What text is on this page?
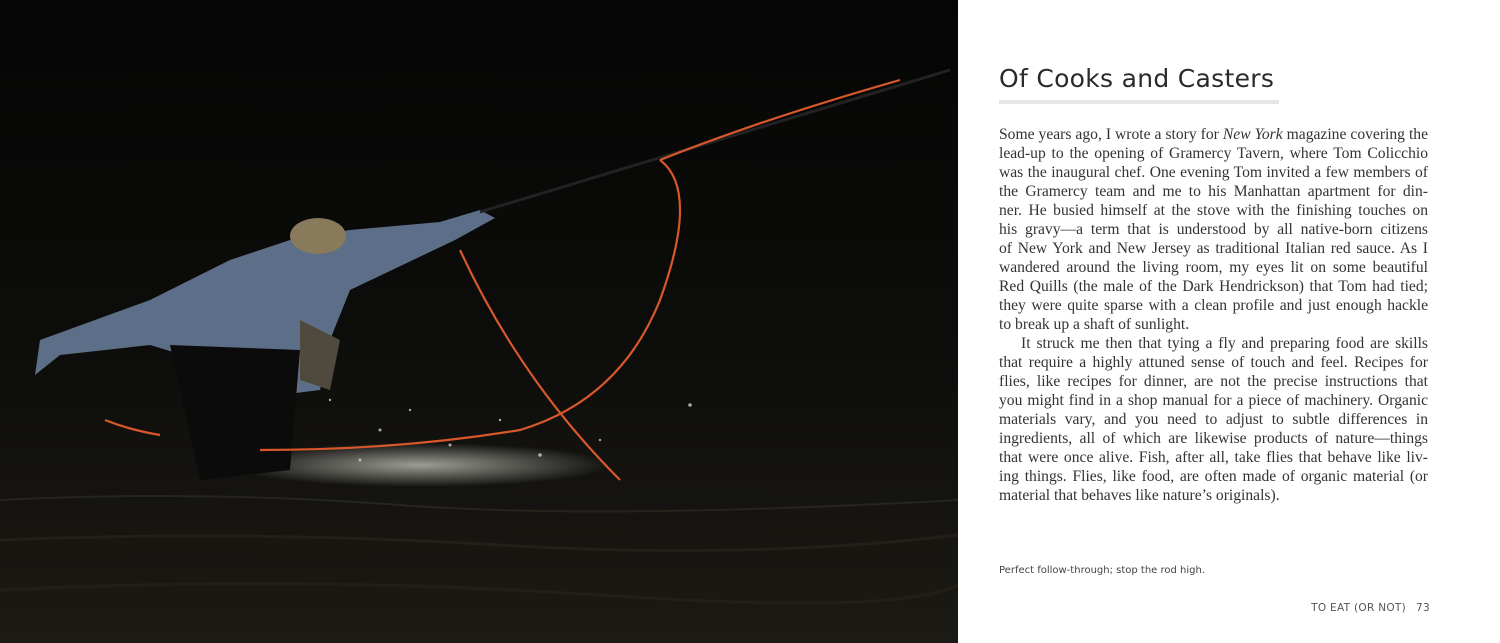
Of Cooks and Casters
Some years ago, I wrote a story for New York magazine covering the
lead-up to the opening of Gramercy Tavern, where Tom Colicchio
was the inaugural chef. One evening Tom invited a few members of
the Gramercy team and me to his Manhattan apartment for din-
ner. He busied himself at the stove with the finishing touches on
his gravy—a term that is understood by all native-born citizens
of New York and New Jersey as traditional Italian red sauce. As I
wandered around the living room, my eyes lit on some beautiful
Red Quills (the male of the Dark Hendrickson) that Tom had tied;
they were quite sparse with a clean profile and just enough hackle
to break up a shaft of sunlight.
It struck me then that tying a fly and preparing food are skills
that require a highly attuned sense of touch and feel. Recipes for
flies, like recipes for dinner, are not the precise instructions that
you might find in a shop manual for a piece of machinery. Organic
materials vary, and you need to adjust to subtle differences in
ingredients, all of which are likewise products of nature—things
that were once alive. Fish, after all, take flies that behave like liv-
ing things. Flies, like food, are often made of organic material (or
material that behaves like nature’s originals).
Perfect follow-through; stop the rod high.
TO EAT (OR NOT) 73
